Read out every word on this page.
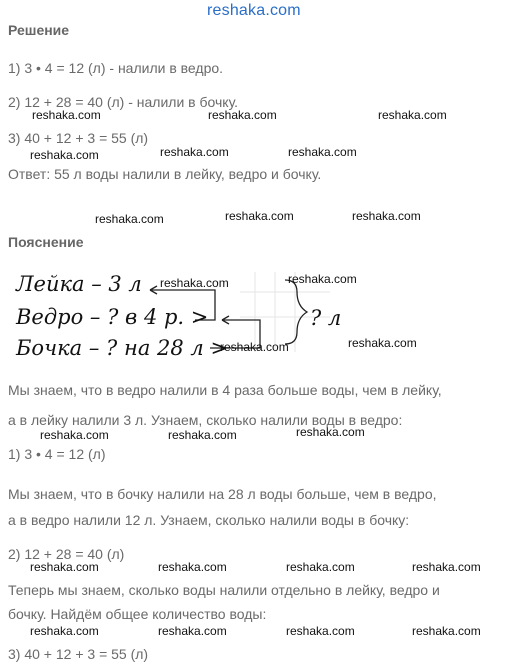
reshaka.com
Решение
1) 3 • 4 = 12 (л) - налили в ведро.
2) 12 + 28 = 40 (л) - налили в бочку.
3) 40 + 12 + 3 = 55 (л)
Ответ: 55 л воды налили в лейку, ведро и бочку.
Пояснение
Лейка – 3 л
Ведро – ? в 4 р. >
Бочка – ? на 28 л >
? л
Мы знаем, что в ведро налили в 4 раза больше воды, чем в лейку,
а в лейку налили 3 л. Узнаем, сколько налили воды в ведро:
1) 3 • 4 = 12 (л)
Мы знаем, что в бочку налили на 28 л воды больше, чем в ведро,
а в ведро налили 12 л. Узнаем, сколько налили воды в бочку:
2) 12 + 28 = 40 (л)
Теперь мы знаем, сколько воды налили отдельно в лейку, ведро и
бочку. Найдём общее количество воды:
3) 40 + 12 + 3 = 55 (л)
reshaka.com	reshaka.com	reshaka.com
reshaka.com	reshaka.com	reshaka.com
reshaka.com	reshaka.com	reshaka.com
reshaka.com	reshaka.com
reshaka.com	reshaka.com
reshaka.com	reshaka.com	reshaka.com
reshaka.com	reshaka.com	reshaka.com	reshaka.com
reshaka.com	reshaka.com	reshaka.com	reshaka.com
